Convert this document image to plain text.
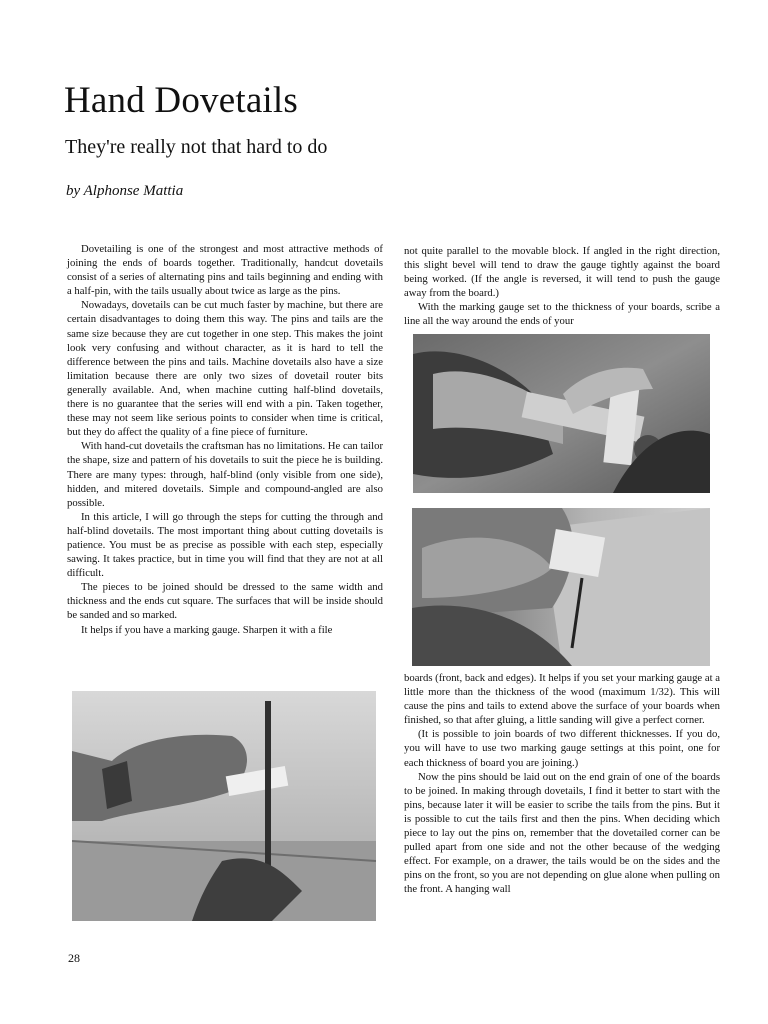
Hand Dovetails
They're really not that hard to do
by Alphonse Mattia

Dovetailing is one of the strongest and most attractive methods of joining the ends of boards together. Traditionally, handcut dovetails consist of a series of alternating pins and tails beginning and ending with a half-pin, with the tails usually about twice as large as the pins.

Nowadays, dovetails can be cut much faster by machine, but there are certain disadvantages to doing them this way. The pins and tails are the same size because they are cut together in one step. This makes the joint look very confusing and without character, as it is hard to tell the difference between the pins and tails. Machine dovetails also have a size limitation because there are only two sizes of dovetail router bits generally available. And, when machine cutting half-blind dovetails, there is no guarantee that the series will end with a pin. Taken together, these may not seem like serious points to consider when time is critical, but they do affect the quality of a fine piece of furniture.

With hand-cut dovetails the craftsman has no limitations. He can tailor the shape, size and pattern of his dovetails to suit the piece he is building. There are many types: through, half-blind (only visible from one side), hidden, and mitered dovetails. Simple and compound-angled are also possible.

In this article, I will go through the steps for cutting the through and half-blind dovetails. The most important thing about cutting dovetails is patience. You must be as precise as possible with each step, especially sawing. It takes practice, but in time you will find that they are not at all difficult.

The pieces to be joined should be dressed to the same width and thickness and the ends cut square. The surfaces that will be inside should be sanded and so marked.

It helps if you have a marking gauge. Sharpen it with a file

not quite parallel to the movable block. If angled in the right direction, this slight bevel will tend to draw the gauge tightly against the board being worked. (If the angle is reversed, it will tend to push the gauge away from the board.)

With the marking gauge set to the thickness of your boards, scribe a line all the way around the ends of your

boards (front, back and edges). It helps if you set your marking gauge at a little more than the thickness of the wood (maximum 1/32). This will cause the pins and tails to extend above the surface of your boards when finished, so that after gluing, a little sanding will give a perfect corner.

(It is possible to join boards of two different thicknesses. If you do, you will have to use two marking gauge settings at this point, one for each thickness of board you are joining.)

Now the pins should be laid out on the end grain of one of the boards to be joined. In making through dovetails, I find it better to start with the pins, because later it will be easier to scribe the tails from the pins. But it is possible to cut the tails first and then the pins. When deciding which piece to lay out the pins on, remember that the dovetailed corner can be pulled apart from one side and not the other because of the wedging effect. For example, on a drawer, the tails would be on the sides and the pins on the front, so you are not depending on glue alone when pulling on the front. A hanging wall

28
